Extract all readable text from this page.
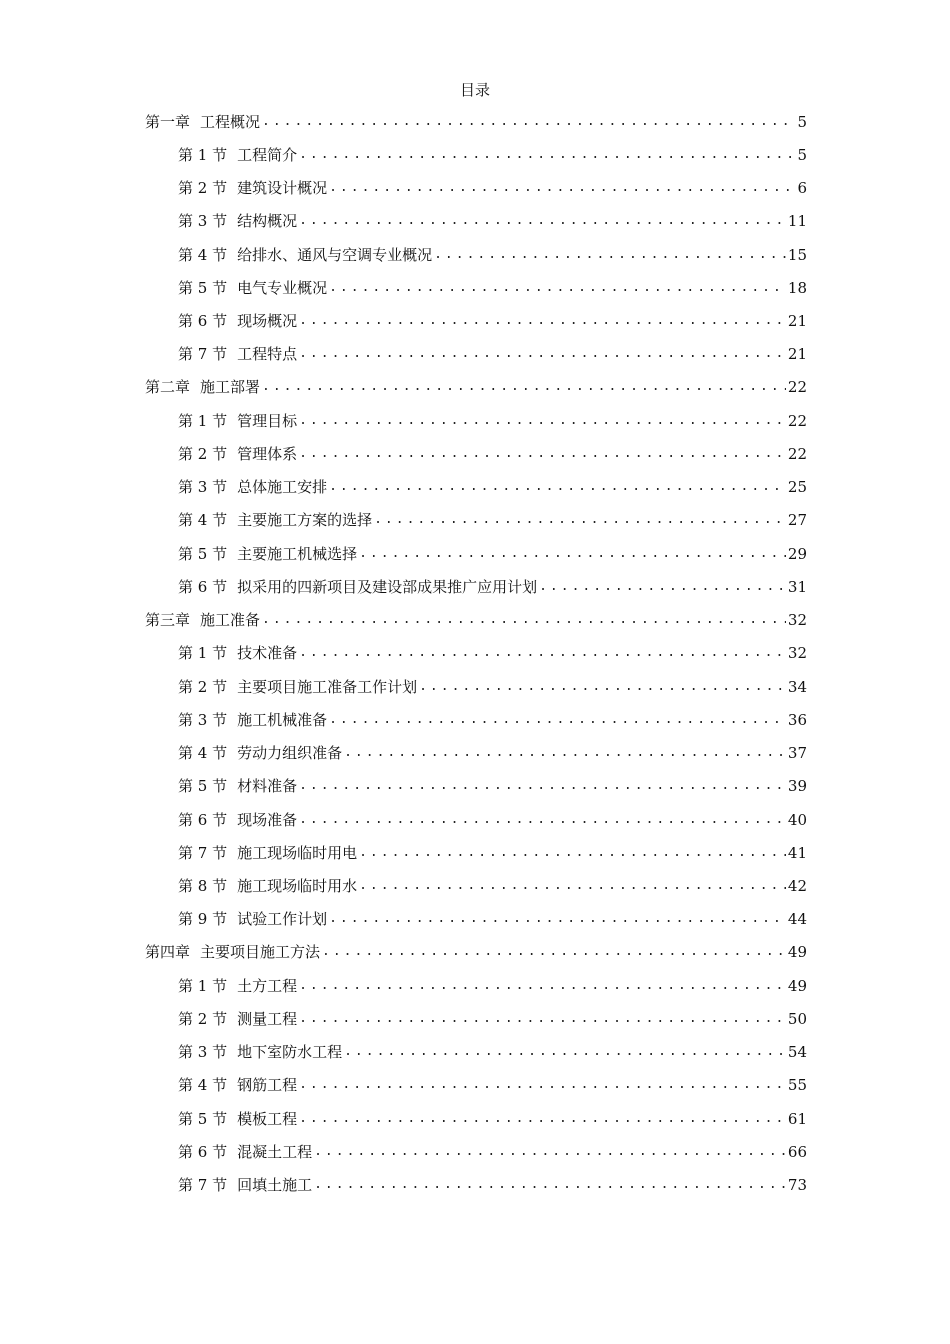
目录
第一章 工程概况 .....	5
第 1 节 工程简介 .....	5
第 2 节 建筑设计概况 .....	6
第 3 节 结构概况 .....	11
第 4 节 给排水、通风与空调专业概况 .....	15
第 5 节 电气专业概况 .....	18
第 6 节 现场概况 .....	21
第 7 节 工程特点 .....	21
第二章 施工部署 .....	22
第 1 节 管理目标 .....	22
第 2 节 管理体系 .....	22
第 3 节 总体施工安排 .....	25
第 4 节 主要施工方案的选择 .....	27
第 5 节 主要施工机械选择 .....	29
第 6 节 拟采用的四新项目及建设部成果推广应用计划 .....	31
第三章 施工准备 .....	32
第 1 节 技术准备 .....	32
第 2 节 主要项目施工准备工作计划 .....	34
第 3 节 施工机械准备 .....	36
第 4 节 劳动力组织准备 .....	37
第 5 节 材料准备 .....	39
第 6 节 现场准备 .....	40
第 7 节 施工现场临时用电 .....	41
第 8 节 施工现场临时用水 .....	42
第 9 节 试验工作计划 .....	44
第四章 主要项目施工方法 .....	49
第 1 节 土方工程 .....	49
第 2 节 测量工程 .....	50
第 3 节 地下室防水工程 .....	54
第 4 节 钢筋工程 .....	55
第 5 节 模板工程 .....	61
第 6 节 混凝土工程 .....	66
第 7 节 回填土施工 .....	73
